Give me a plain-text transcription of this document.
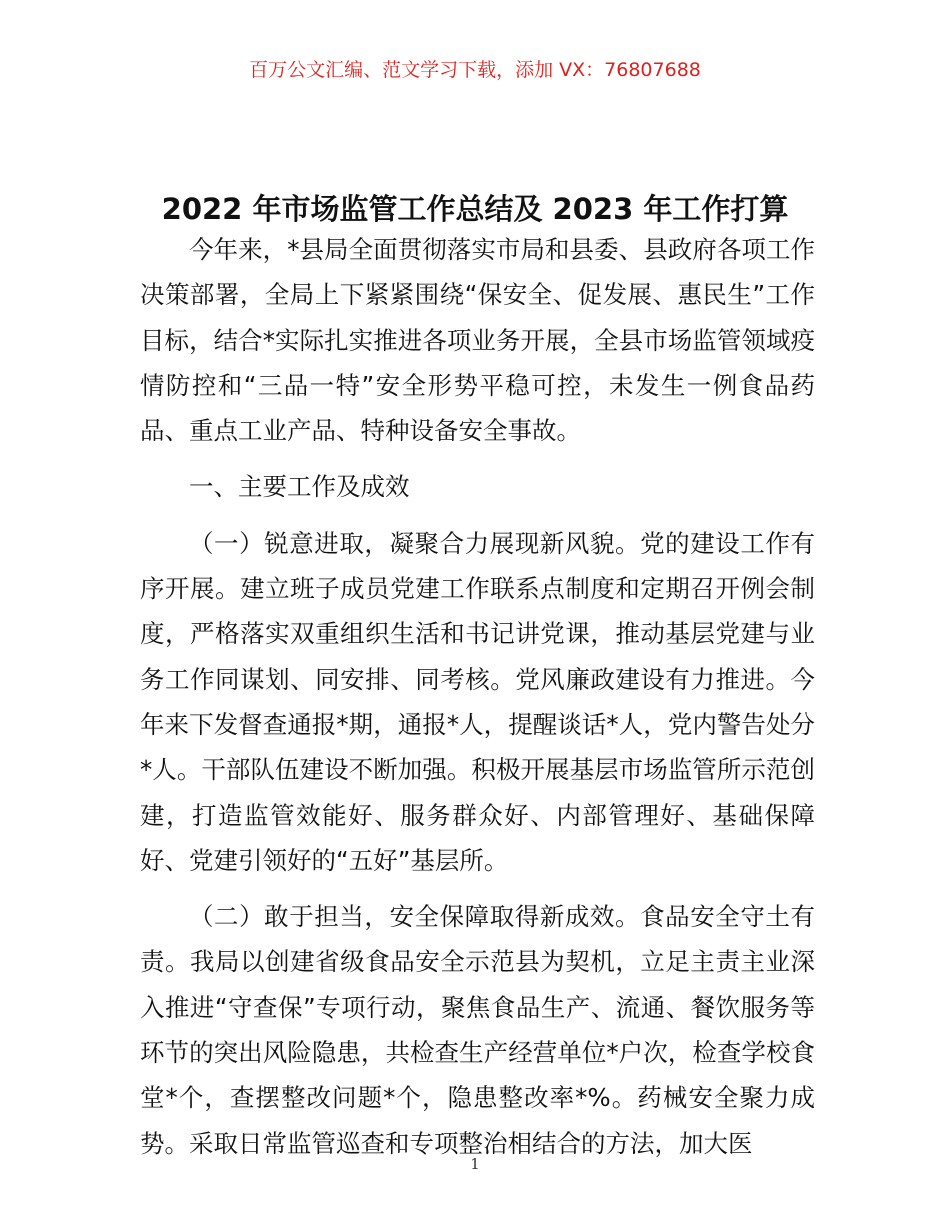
百万公文汇编、范文学习下载，添加 VX：76807688
2022 年市场监管工作总结及 2023 年工作打算

今年来，*县局全面贯彻落实市局和县委、县政府各项工作决策部署，全局上下紧紧围绕“保安全、促发展、惠民生”工作目标，结合*实际扎实推进各项业务开展，全县市场监管领域疫情防控和“三品一特”安全形势平稳可控，未发生一例食品药品、重点工业产品、特种设备安全事故。

一、主要工作及成效

（一）锐意进取，凝聚合力展现新风貌。党的建设工作有序开展。建立班子成员党建工作联系点制度和定期召开例会制度，严格落实双重组织生活和书记讲党课，推动基层党建与业务工作同谋划、同安排、同考核。党风廉政建设有力推进。今年来下发督查通报*期，通报*人，提醒谈话*人，党内警告处分*人。干部队伍建设不断加强。积极开展基层市场监管所示范创建，打造监管效能好、服务群众好、内部管理好、基础保障好、党建引领好的“五好”基层所。

（二）敢于担当，安全保障取得新成效。食品安全守土有责。我局以创建省级食品安全示范县为契机，立足主责主业深入推进“守查保”专项行动，聚焦食品生产、流通、餐饮服务等环节的突出风险隐患，共检查生产经营单位*户次，检查学校食堂*个，查摆整改问题*个，隐患整改率*%。药械安全聚力成势。采取日常监管巡查和专项整治相结合的方法，加大医

1
